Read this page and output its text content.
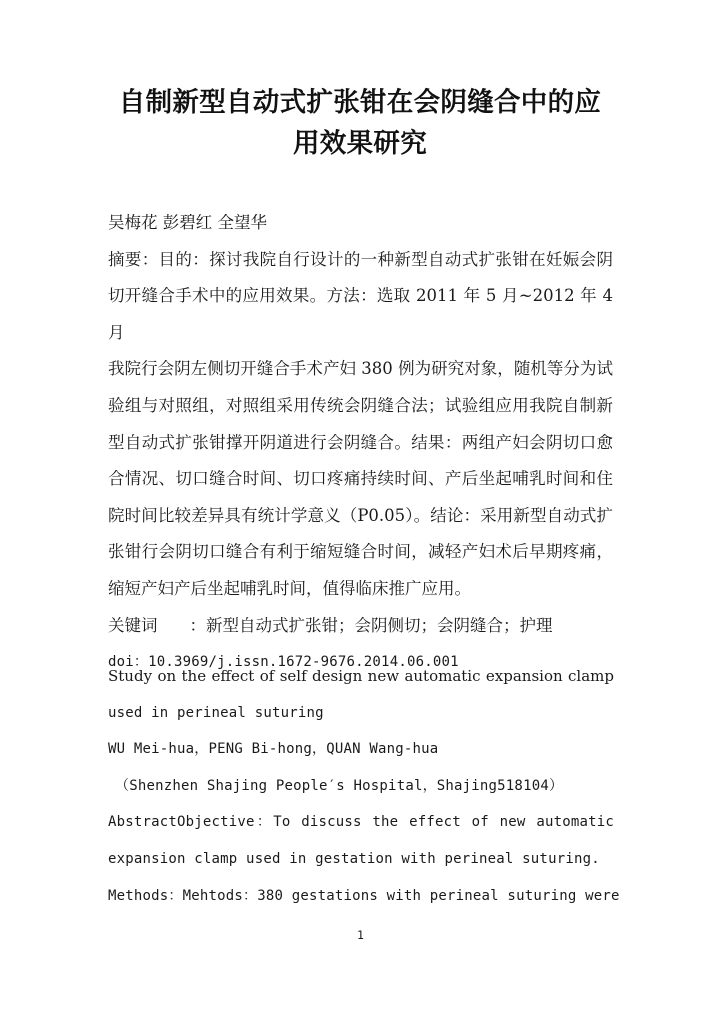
自制新型自动式扩张钳在会阴缝合中的应
用效果研究
吴梅花 彭碧红 全望华
摘要：目的：探讨我院自行设计的一种新型自动式扩张钳在妊娠会阴
切开缝合手术中的应用效果。方法：选取 2011 年 5 月~2012 年 4 月
我院行会阴左侧切开缝合手术产妇 380 例为研究对象，随机等分为试
验组与对照组，对照组采用传统会阴缝合法；试验组应用我院自制新
型自动式扩张钳撑开阴道进行会阴缝合。结果：两组产妇会阴切口愈
合情况、切口缝合时间、切口疼痛持续时间、产后坐起哺乳时间和住
院时间比较差异具有统计学意义（P0.05）。结论：采用新型自动式扩
张钳行会阴切口缝合有利于缩短缝合时间，减轻产妇术后早期疼痛，
缩短产妇产后坐起哺乳时间，值得临床推广应用。
关键词 ：新型自动式扩张钳；会阴侧切；会阴缝合；护理
doi：10.3969/j.issn.1672-9676.2014.06.001
Study on the effect of self design new automatic expansion clamp
used in perineal suturing
WU Mei-hua，PENG Bi-hong，QUAN Wang-hua
（Shenzhen Shajing People′s Hospital，Shajing518104）
AbstractObjective：To discuss the effect of new automatic
expansion clamp used in gestation with perineal suturing.
Methods：Mehtods：380 gestations with perineal suturing were
1
